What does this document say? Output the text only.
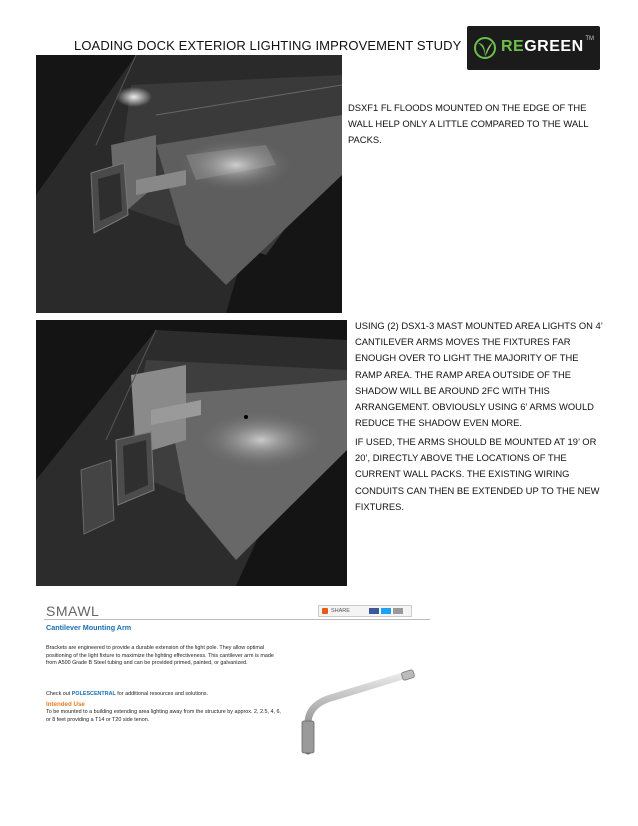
LOADING DOCK EXTERIOR LIGHTING IMPROVEMENT STUDY REGREEN TM
DSXF1 FL FLOODS MOUNTED ON THE EDGE OF THE WALL HELP ONLY A LITTLE COMPARED TO THE WALL PACKS.
USING (2) DSX1-3 MAST MOUNTED AREA LIGHTS ON 4’ CANTILEVER ARMS MOVES THE FIXTURES FAR ENOUGH OVER TO LIGHT THE MAJORITY OF THE RAMP AREA. THE RAMP AREA OUTSIDE OF THE SHADOW WILL BE AROUND 2FC WITH THIS ARRANGEMENT. OBVIOUSLY USING 6’ ARMS WOULD REDUCE THE SHADOW EVEN MORE.
IF USED, THE ARMS SHOULD BE MOUNTED AT 19’ OR 20’, DIRECTLY ABOVE THE LOCATIONS OF THE CURRENT WALL PACKS. THE EXISTING WIRING CONDUITS CAN THEN BE EXTENDED UP TO THE NEW FIXTURES.
SMAWL	SHARE
Cantilever Mounting Arm
Brackets are engineered to provide a durable extension of the light pole. They allow optimal positioning of the light fixture to maximize the lighting effectiveness. This cantilever arm is made from A500 Grade B Steel tubing and can be provided primed, painted, or galvanized.
Check out POLESCENTRAL for additional resources and solutions.
Intended Use
To be mounted to a building extending area lighting away from the structure by approx. 2, 2.5, 4, 6, or 8 feet providing a T14 or T20 side tenon.
